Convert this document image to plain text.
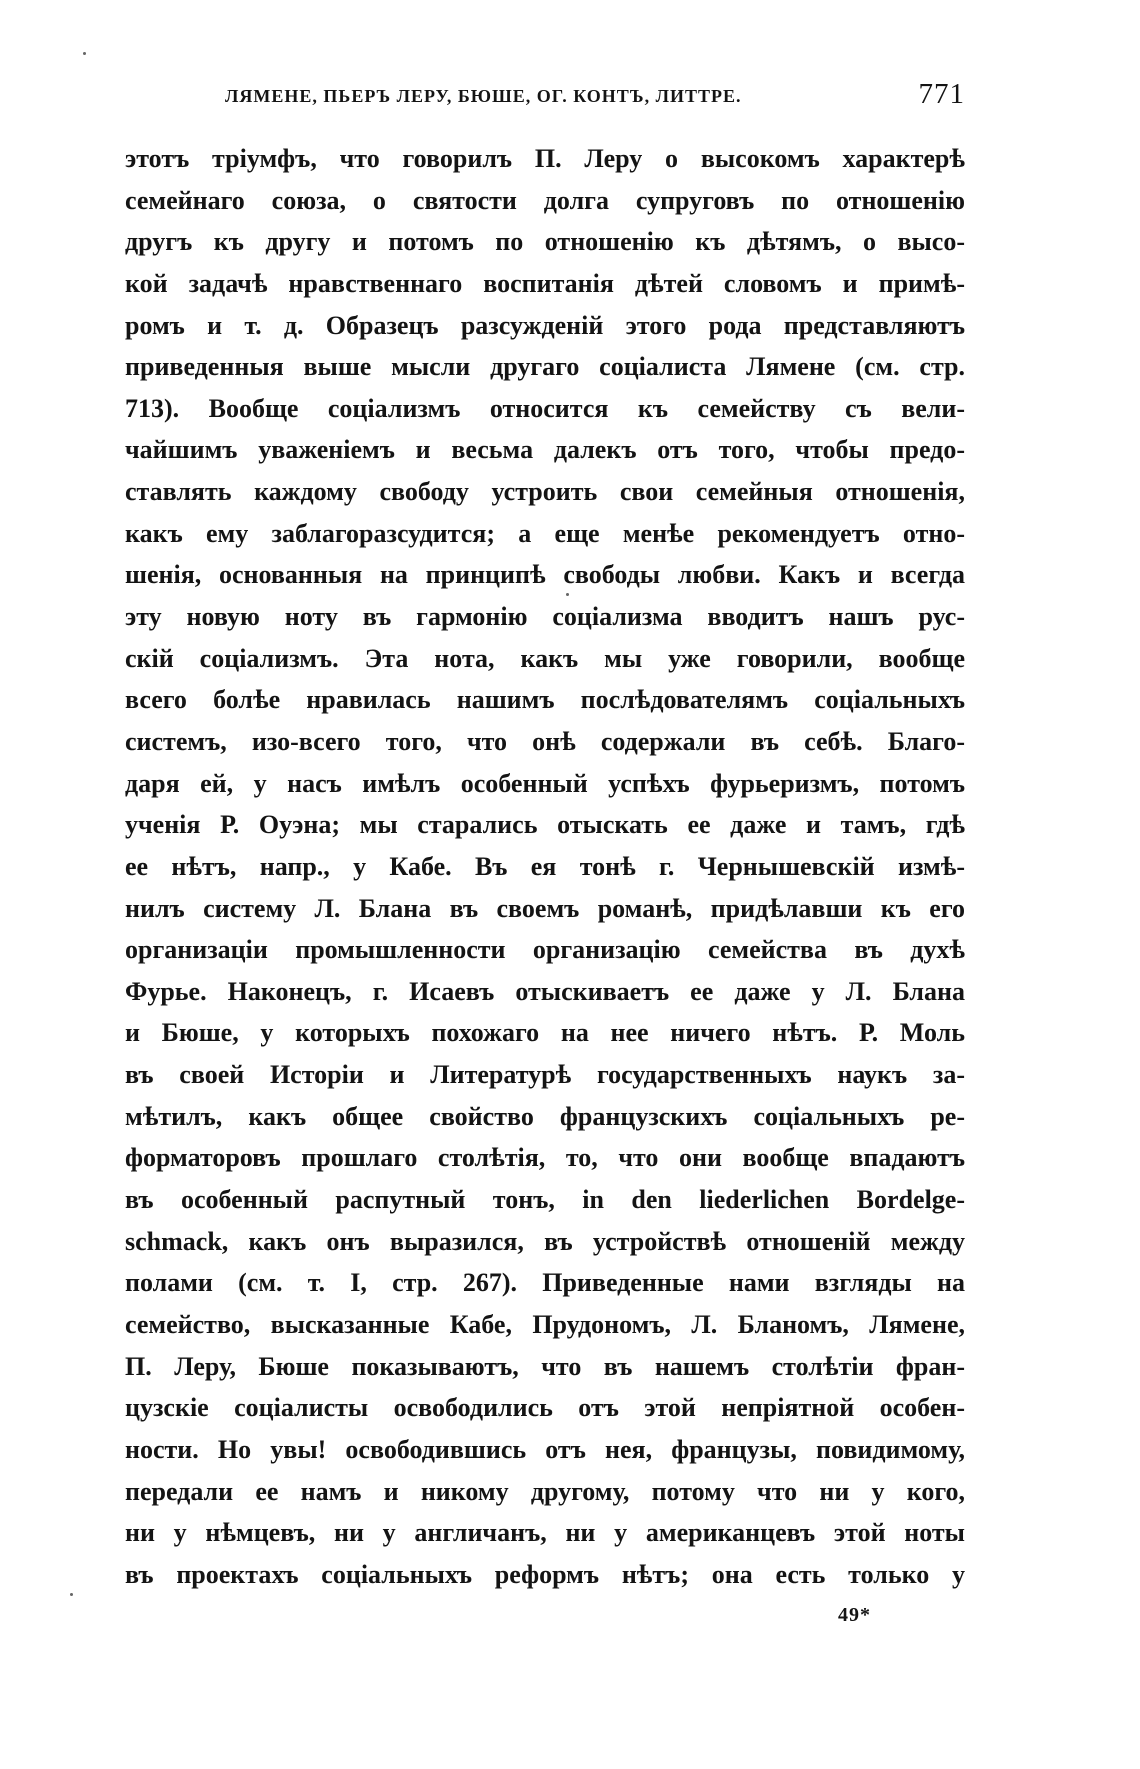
ЛЯМЕНЕ, ПЬЕРЪ ЛЕРУ, БЮШЕ, ОГ. КОНТЪ, ЛИТТРЕ.	771
этотъ тріумфъ, что говорилъ П. Леру о высокомъ характерѣ
семейнаго союза, о святости долга супруговъ по отношенію
другъ къ другу и потомъ по отношенію къ дѣтямъ, о высо-
кой задачѣ нравственнаго воспитанія дѣтей словомъ и примѣ-
ромъ и т. д. Образецъ разсужденій этого рода представляютъ
приведенныя выше мысли другаго соціалиста Лямене (см. стр.
713). Вообще соціализмъ относится къ семейству съ вели-
чайшимъ уваженіемъ и весьма далекъ отъ того, чтобы предо-
ставлять каждому свободу устроить свои семейныя отношенія,
какъ ему заблагоразсудится; а еще менѣе рекомендуетъ отно-
шенія, основанныя на принципѣ свободы любви. Какъ и всегда
эту новую ноту въ гармонію соціализма вводитъ нашъ рус-
скій соціализмъ. Эта нота, какъ мы уже говорили, вообще
всего болѣе нравилась нашимъ послѣдователямъ соціальныхъ
системъ, изо-всего того, что онѣ содержали въ себѣ. Благо-
даря ей, у насъ имѣлъ особенный успѣхъ фурьеризмъ, потомъ
ученія Р. Оуэна; мы старались отыскать ее даже и тамъ, гдѣ
ее нѣтъ, напр., у Кабе. Въ ея тонѣ г. Чернышевскій измѣ-
нилъ систему Л. Блана въ своемъ романѣ, придѣлавши къ его
организаціи промышленности организацію семейства въ духѣ
Фурье. Наконецъ, г. Исаевъ отыскиваетъ ее даже у Л. Блана
и Бюше, у которыхъ похожаго на нее ничего нѣтъ. Р. Моль
въ своей Исторіи и Литературѣ государственныхъ наукъ за-
мѣтилъ, какъ общее свойство французскихъ соціальныхъ ре-
форматоровъ прошлаго столѣтія, то, что они вообще впадаютъ
въ особенный распутный тонъ, in den liederlichen Bordelge-
schmack, какъ онъ выразился, въ устройствѣ отношеній между
полами (см. т. I, стр. 267). Приведенные нами взгляды на
семейство, высказанные Кабе, Прудономъ, Л. Бланомъ, Лямене,
П. Леру, Бюше показываютъ, что въ нашемъ столѣтіи фран-
цузскіе соціалисты освободились отъ этой непріятной особен-
ности. Но увы! освободившись отъ нея, французы, повидимому,
передали ее намъ и никому другому, потому что ни у кого,
ни у нѣмцевъ, ни у англичанъ, ни у американцевъ этой ноты
въ проектахъ соціальныхъ реформъ нѣтъ; она есть только у
49*
